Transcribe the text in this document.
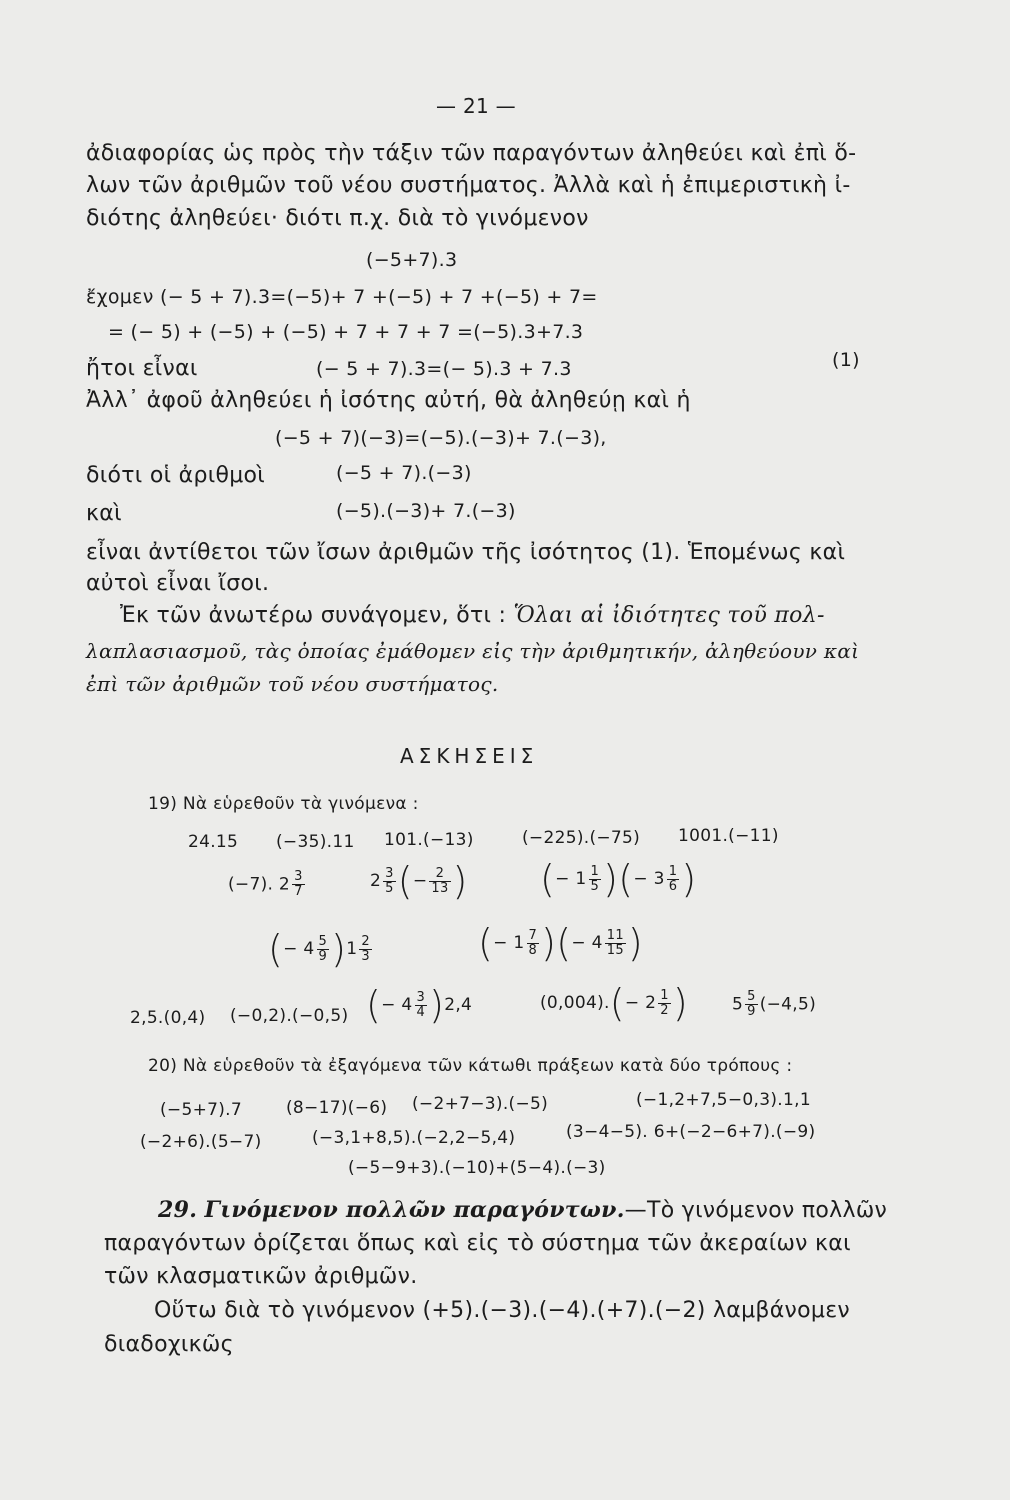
— 21 —
ἀδιαφορίας ὡς πρὸς τὴν τάξιν τῶν παραγόντων ἀληθεύει καὶ ἐπὶ ὅ-
λων τῶν ἀριθμῶν τοῦ νέου συστήματος. Ἀλλὰ καὶ ἡ ἐπιμεριστικὴ ἰ-
διότης ἀληθεύει· διότι π.χ. διὰ τὸ γινόμενον
(−5+7).3
ἔχομεν (− 5 + 7).3=(−5)+ 7 +(−5) + 7 +(−5) + 7=
= (− 5) + (−5) + (−5) + 7 + 7 + 7 =(−5).3+7.3
ἤτοι εἶναι	(− 5 + 7).3=(− 5).3 + 7.3	(1)
Ἀλλ᾽ ἀφοῦ ἀληθεύει ἡ ἰσότης αὐτή, θὰ ἀληθεύῃ καὶ ἡ
(−5 + 7)(−3)=(−5).(−3)+ 7.(−3),
διότι οἱ ἀριθμοὶ	(−5 + 7).(−3)
καὶ	(−5).(−3)+ 7.(−3)
εἶναι ἀντίθετοι τῶν ἴσων ἀριθμῶν τῆς ἰσότητος (1). Ἑπομένως καὶ
αὐτοὶ εἶναι ἴσοι.
Ἐκ τῶν ἀνωτέρω συνάγομεν, ὅτι : Ὅλαι αἱ ἰδιότητες τοῦ πολ-
λαπλασιασμοῦ, τὰς ὁποίας ἐμάθομεν εἰς τὴν ἀριθμητικήν, ἀληθεύουν καὶ
ἐπὶ τῶν ἀριθμῶν τοῦ νέου συστήματος.
ΑΣΚΗΣΕΙΣ
19) Νὰ εὑρεθοῦν τὰ γινόμενα :
24.15 (−35).11 101.(−13)	(−225).(−75) 1001.(−11)
(−7). $2 \frac{3}{7}$	$2 \frac{3}{5}$ (− $\frac{2}{13}$ ) (− $1 \frac{1}{5}$ )(− $3 \frac{1}{6}$ )
(− $4 \frac{5}{9} )1 \frac{2}{3}$	(− $1 \frac{7}{8}$ )(− $4 \frac{11}{15}$ )
2,5.(0,4) (−0,2).(−0,5) (− $4 \frac{3}{4} )2,4$	$(0,004).(- 2 \frac{1}{2}$ )	$5 \frac{5}{9} (-4,5)$
20) Νὰ εὑρεθοῦν τὰ ἐξαγόμενα τῶν κάτωθι πράξεων κατὰ δύο τρόπους :
(−5+7).7	(8−17)(−6) (−2+7−3).(−5)	(−1,2+7,5−0,3).1,1
(−2+6).(5−7)	(−3,1+8,5).(−2,2−5,4)	(3−4−5). 6+(−2−6+7).(−9)
(−5−9+3).(−10)+(5−4).(−3)
29. Γινόμενον πολλῶν παραγόντων.—Τὸ γινόμενον πολλῶν
παραγόντων ὁρίζεται ὅπως καὶ εἰς τὸ σύστημα τῶν ἀκεραίων και
τῶν κλασματικῶν ἀριθμῶν.
Οὕτω διὰ τὸ γινόμενον (+5).(−3).(−4).(+7).(−2) λαμβάνομεν
διαδοχικῶς
